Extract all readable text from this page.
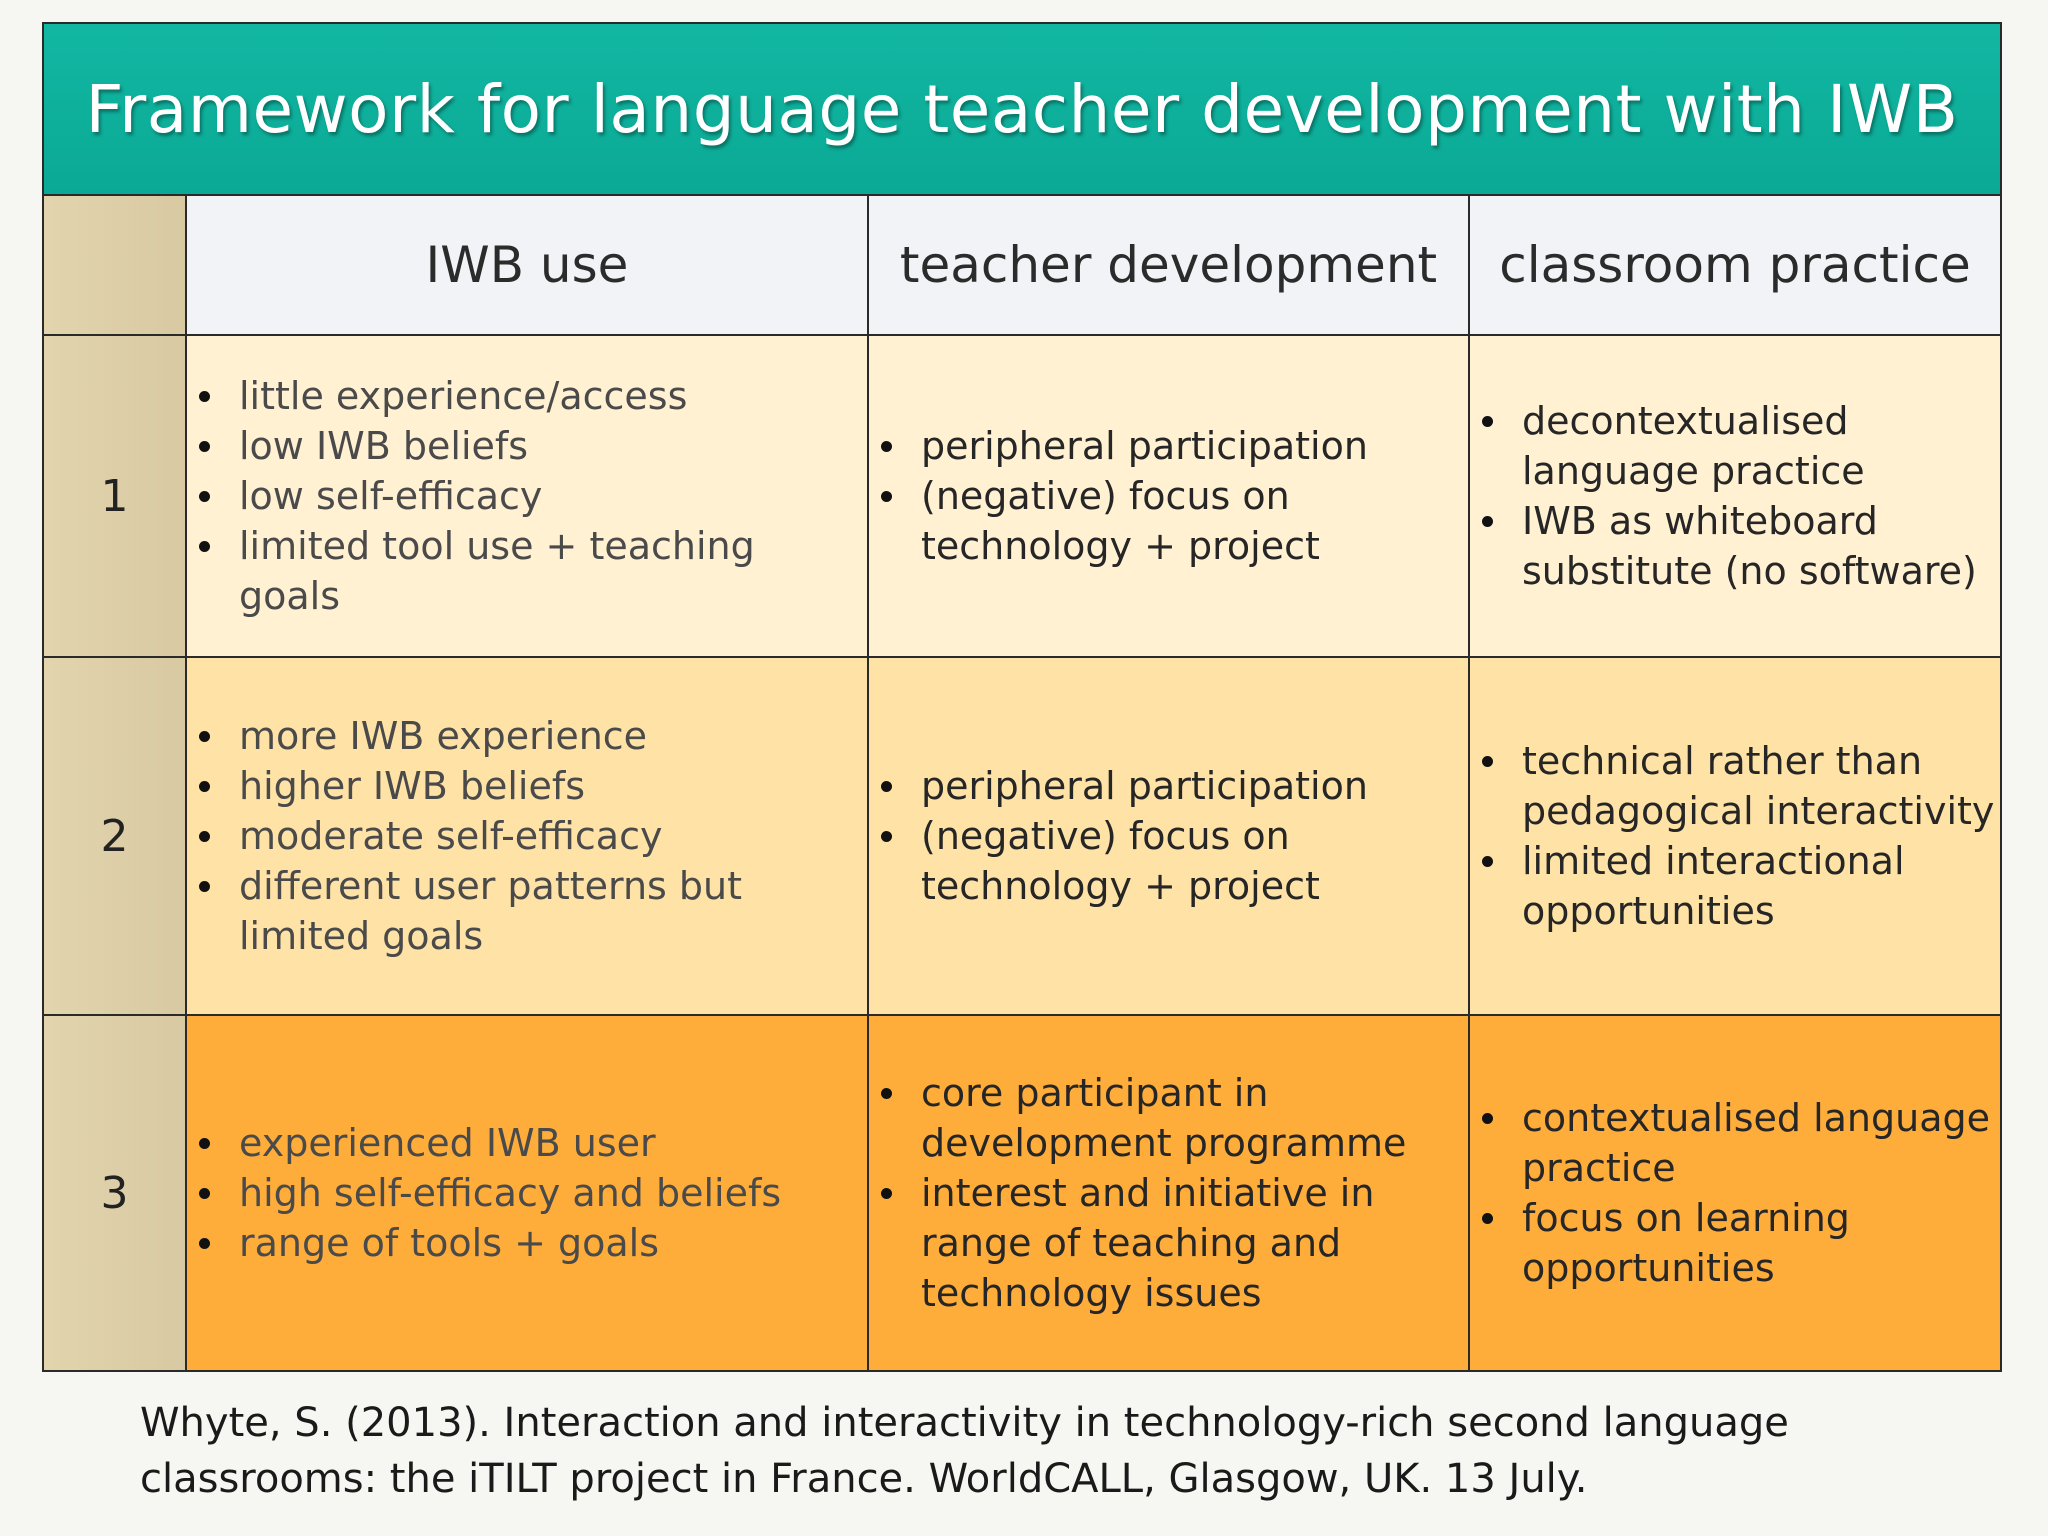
Framework for language teacher development with IWB
IWB use	teacher development	classroom practice
1
little experience/access
low IWB beliefs
low self-efficacy
limited tool use + teaching goals
peripheral participation
(negative) focus on technology + project
decontextualised language practice
IWB as whiteboard substitute (no software)
2
more IWB experience
higher IWB beliefs
moderate self-efficacy
different user patterns but limited goals
peripheral participation
(negative) focus on technology + project
technical rather than pedagogical interactivity
limited interactional opportunities
3
experienced IWB user
high self-efficacy and beliefs
range of tools + goals
core participant in development programme
interest and initiative in range of teaching and technology issues
contextualised language practice
focus on learning opportunities

Whyte, S. (2013). Interaction and interactivity in technology-rich second language
classrooms: the iTILT project in France. WorldCALL, Glasgow, UK. 13 July.
